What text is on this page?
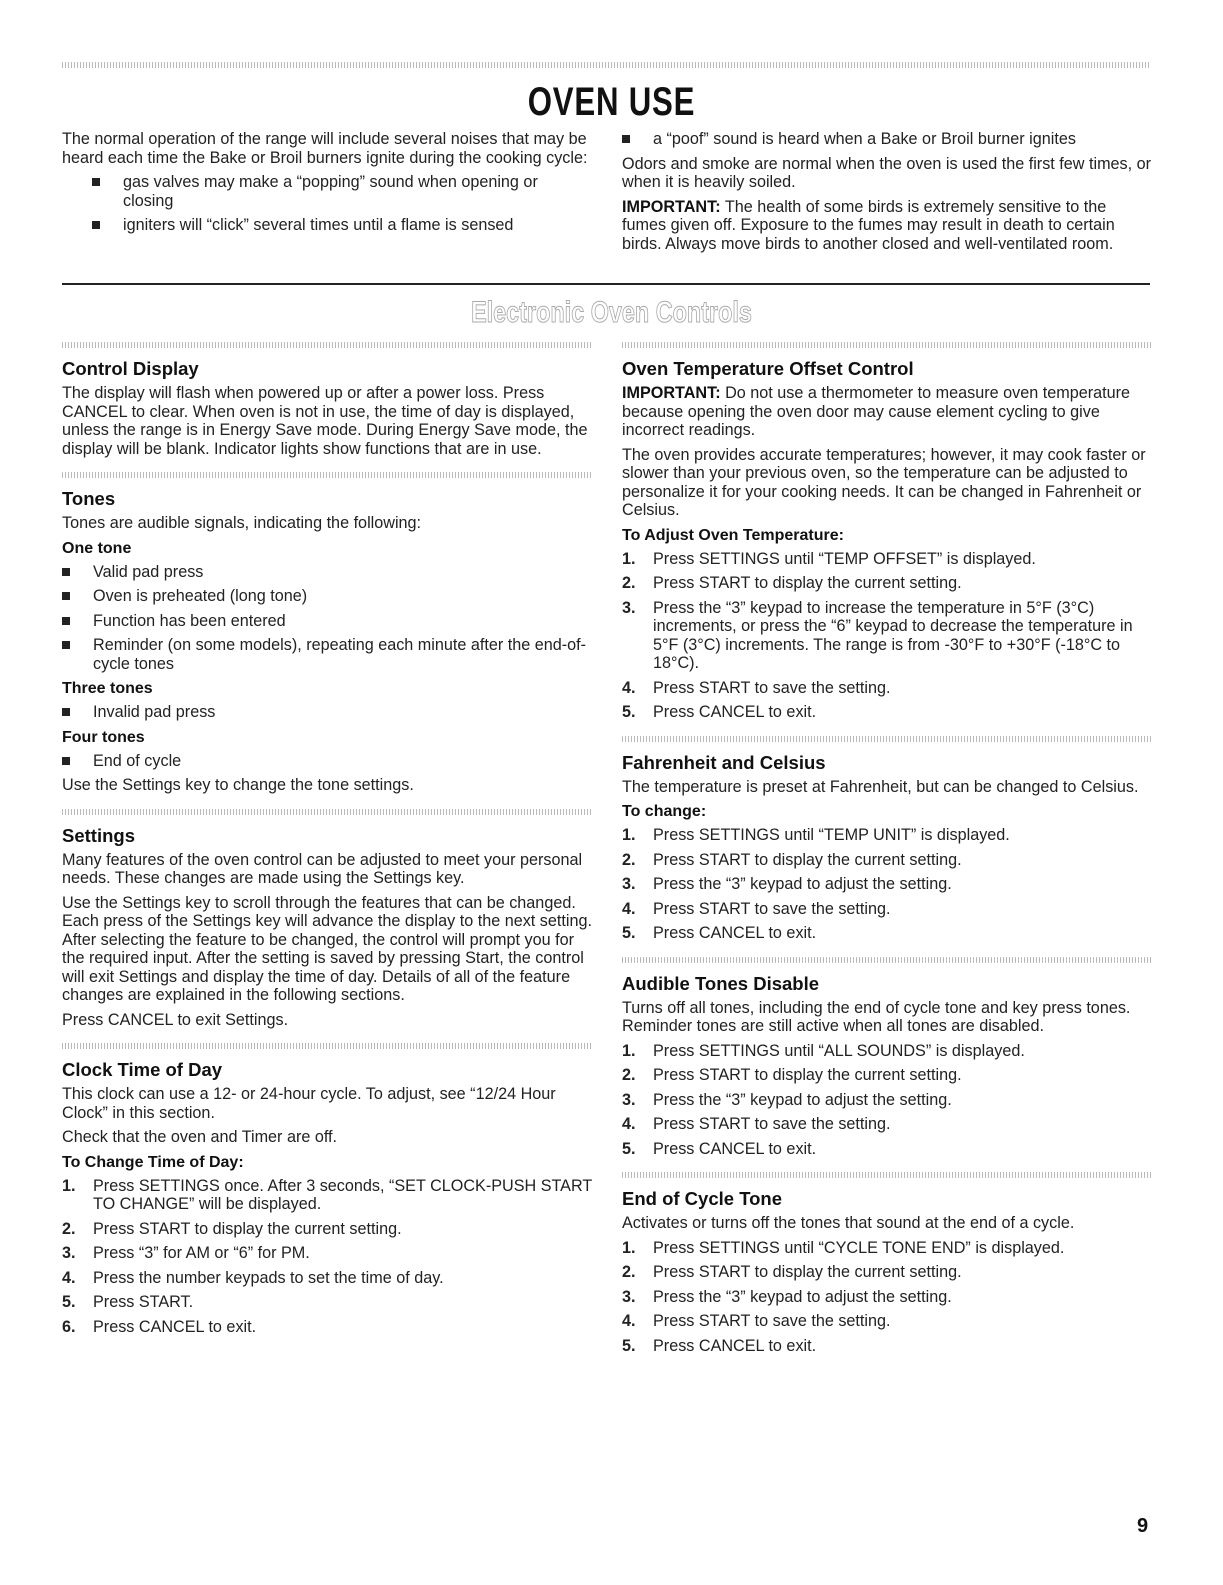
OVEN USE

The normal operation of the range will include several noises that may be heard each time the Bake or Broil burners ignite during the cooking cycle:

gas valves may make a “popping” sound when opening or closing
igniters will “click” several times until a flame is sensed
a “poof” sound is heard when a Bake or Broil burner ignites

Odors and smoke are normal when the oven is used the first few times, or when it is heavily soiled.

IMPORTANT: The health of some birds is extremely sensitive to the fumes given off. Exposure to the fumes may result in death to certain birds. Always move birds to another closed and well-ventilated room.

Electronic Oven Controls
Control Display

The display will flash when powered up or after a power loss. Press CANCEL to clear. When oven is not in use, the time of day is displayed, unless the range is in Energy Save mode. During Energy Save mode, the display will be blank. Indicator lights show functions that are in use.

Tones

Tones are audible signals, indicating the following:

One tone
Valid pad press
Oven is preheated (long tone)
Function has been entered
Reminder (on some models), repeating each minute after the end-of-cycle tones
Three tones
Invalid pad press
Four tones
End of cycle

Use the Settings key to change the tone settings.

Settings

Many features of the oven control can be adjusted to meet your personal needs. These changes are made using the Settings key.

Use the Settings key to scroll through the features that can be changed. Each press of the Settings key will advance the display to the next setting. After selecting the feature to be changed, the control will prompt you for the required input. After the setting is saved by pressing Start, the control will exit Settings and display the time of day. Details of all of the feature changes are explained in the following sections.

Press CANCEL to exit Settings.

Clock Time of Day

This clock can use a 12- or 24-hour cycle. To adjust, see “12/24 Hour Clock” in this section.

Check that the oven and Timer are off.

To Change Time of Day:
1. Press SETTINGS once. After 3 seconds, “SET CLOCK-PUSH START TO CHANGE” will be displayed.
2. Press START to display the current setting.
3. Press “3” for AM or “6” for PM.
4. Press the number keypads to set the time of day.
5. Press START.
6. Press CANCEL to exit.
Oven Temperature Offset Control

IMPORTANT: Do not use a thermometer to measure oven temperature because opening the oven door may cause element cycling to give incorrect readings.

The oven provides accurate temperatures; however, it may cook faster or slower than your previous oven, so the temperature can be adjusted to personalize it for your cooking needs. It can be changed in Fahrenheit or Celsius.

To Adjust Oven Temperature:
1. Press SETTINGS until “TEMP OFFSET” is displayed.
2. Press START to display the current setting.
3. Press the “3” keypad to increase the temperature in 5°F (3°C) increments, or press the “6” keypad to decrease the temperature in 5°F (3°C) increments. The range is from -30°F to +30°F (-18°C to 18°C).
4. Press START to save the setting.
5. Press CANCEL to exit.
Fahrenheit and Celsius

The temperature is preset at Fahrenheit, but can be changed to Celsius.

To change:
1. Press SETTINGS until “TEMP UNIT” is displayed.
2. Press START to display the current setting.
3. Press the “3” keypad to adjust the setting.
4. Press START to save the setting.
5. Press CANCEL to exit.
Audible Tones Disable

Turns off all tones, including the end of cycle tone and key press tones. Reminder tones are still active when all tones are disabled.

1. Press SETTINGS until “ALL SOUNDS” is displayed.
2. Press START to display the current setting.
3. Press the “3” keypad to adjust the setting.
4. Press START to save the setting.
5. Press CANCEL to exit.
End of Cycle Tone

Activates or turns off the tones that sound at the end of a cycle.

1. Press SETTINGS until “CYCLE TONE END” is displayed.
2. Press START to display the current setting.
3. Press the “3” keypad to adjust the setting.
4. Press START to save the setting.
5. Press CANCEL to exit.
9
